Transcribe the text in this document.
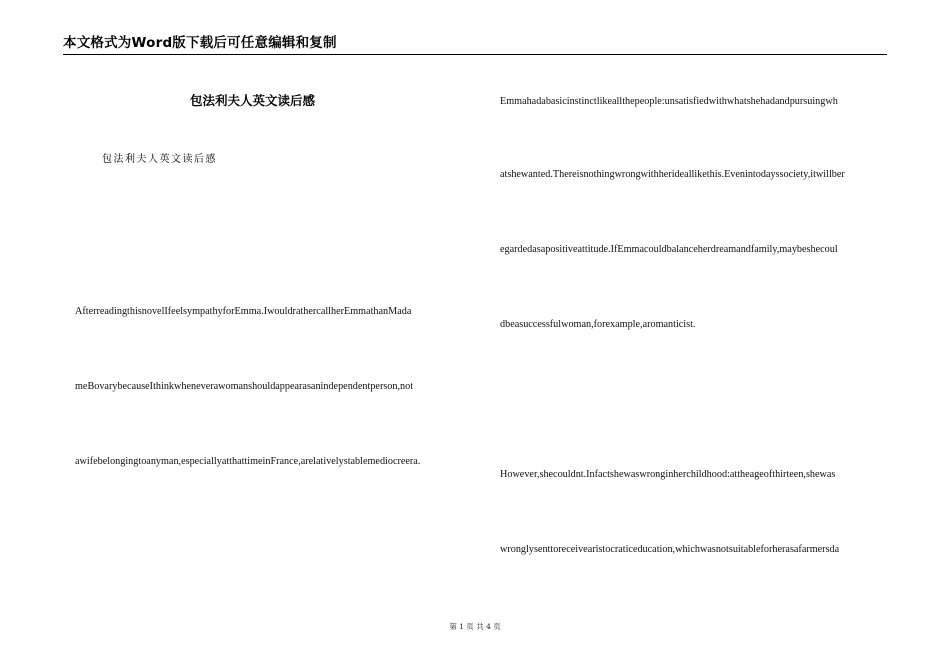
本文格式为Word版下载后可任意编辑和复制
包法利夫人英文读后感
包法利夫人英文读后感
AfterreadingthisnovelIfeelsympathyforEmma.IwouldrathercallherEmmathanMada
meBovarybecauseIthinkwheneverawomanshouldappearasanindependentperson,not
awifebelongingtoanyman,especiallyatthattimeinFrance,arelativelystablemediocreera.
Emmahadabasicinstinctlikeallthepeople:unsatisfiedwithwhatshehadandpursuingwh
atshewanted.Thereisnothingwrongwithherideallikethis.Evenintodayssociety,itwillber
egardedasapositiveattitude.IfEmmacouldbalanceherdreamandfamily,maybeshecoul
dbeasuccessfulwoman,forexample,aromanticist.
However,shecouldnt.Infactshewaswronginherchildhood:attheageofthirteen,shewas
wronglysenttoreceivearistocraticeducation,whichwasnotsuitableforherasafarmersda
第 1 页 共 4 页
